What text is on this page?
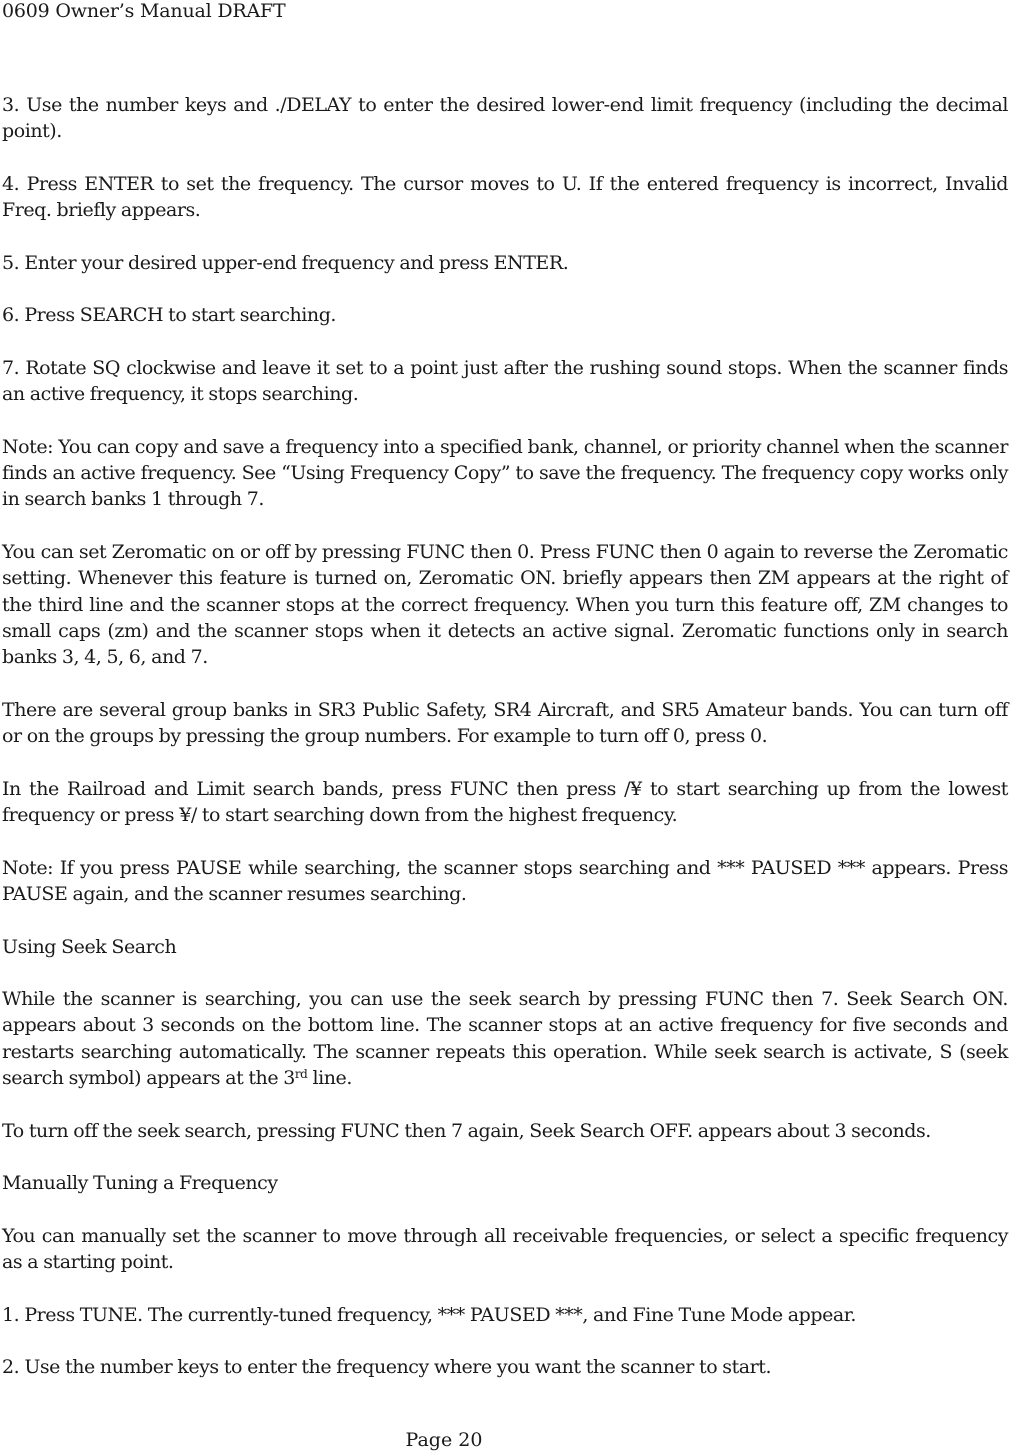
0609 Owner’s Manual DRAFT

3. Use the number keys and ./DELAY to enter the desired lower-end limit frequency (including the decimal point).

4. Press ENTER to set the frequency. The cursor moves to U. If the entered frequency is incorrect, Invalid Freq. briefly appears.

5. Enter your desired upper-end frequency and press ENTER.

6. Press SEARCH to start searching.

7. Rotate SQ clockwise and leave it set to a point just after the rushing sound stops. When the scanner finds an active frequency, it stops searching.

Note: You can copy and save a frequency into a specified bank, channel, or priority channel when the scanner finds an active frequency. See “Using Frequency Copy” to save the frequency. The frequency copy works only in search banks 1 through 7.

You can set Zeromatic on or off by pressing FUNC then 0. Press FUNC then 0 again to reverse the Zeromatic setting. Whenever this feature is turned on, Zeromatic ON. briefly appears then ZM appears at the right of the third line and the scanner stops at the correct frequency. When you turn this feature off, ZM changes to small caps (zm) and the scanner stops when it detects an active signal. Zeromatic functions only in search banks 3, 4, 5, 6, and 7.

There are several group banks in SR3 Public Safety, SR4 Aircraft, and SR5 Amateur bands. You can turn off or on the groups by pressing the group numbers. For example to turn off 0, press 0.

In the Railroad and Limit search bands, press FUNC then press /¥ to start searching up from the lowest frequency or press ¥/ to start searching down from the highest frequency.

Note: If you press PAUSE while searching, the scanner stops searching and *** PAUSED *** appears. Press PAUSE again, and the scanner resumes searching.

Using Seek Search

While the scanner is searching, you can use the seek search by pressing FUNC then 7. Seek Search ON. appears about 3 seconds on the bottom line. The scanner stops at an active frequency for five seconds and restarts searching automatically. The scanner repeats this operation. While seek search is activate, S (seek search symbol) appears at the 3rd line.

To turn off the seek search, pressing FUNC then 7 again, Seek Search OFF. appears about 3 seconds.

Manually Tuning a Frequency

You can manually set the scanner to move through all receivable frequencies, or select a specific frequency as a starting point.

1. Press TUNE. The currently-tuned frequency, *** PAUSED ***, and Fine Tune Mode appear.

2. Use the number keys to enter the frequency where you want the scanner to start.

Page 20
